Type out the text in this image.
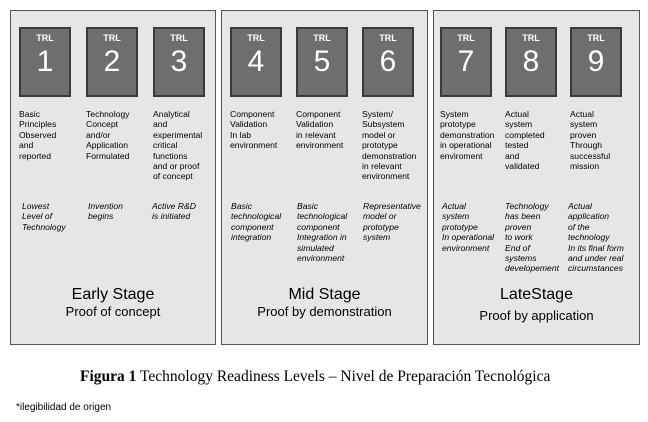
TRL
1
Basic
Principles
Observed
and
reported
Lowest
Level of
Technology
TRL
2
Technology
Concept
and/or
Application
Formulated
Invention
begins
TRL
3
Analytical
and
experimental
critical
functions
and or proof
of concept
Active R&D
is initiated
Early Stage
Proof of concept
TRL
4
Component
Validation
In lab
environment
Basic
technological
component
integration
TRL
5
Component
Validation
in relevant
environment
Basic
technological
component
Integration in
simulated
environment
TRL
6
System/
Subsystem
model or
prototype
demonstration
in relevant
environment
Representative
model or
prototype
system
Mid Stage
Proof by demonstration
TRL
7
System
prototype
demonstration
in operational
enviroment
Actual
system
prototype
In operational
environment
TRL
8
Actual
system
completed
tested
and
validated
Technology
has been
proven
to work
End of
systems
developement
TRL
9
Actual
system
proven
Through
successful
mission
Actual
application
of the
technology
In its final form
and under real
circumstances
LateStage
Proof by application
Figura 1 Technology Readiness Levels – Nivel de Preparación Tecnológica
*ilegibilidad de origen
